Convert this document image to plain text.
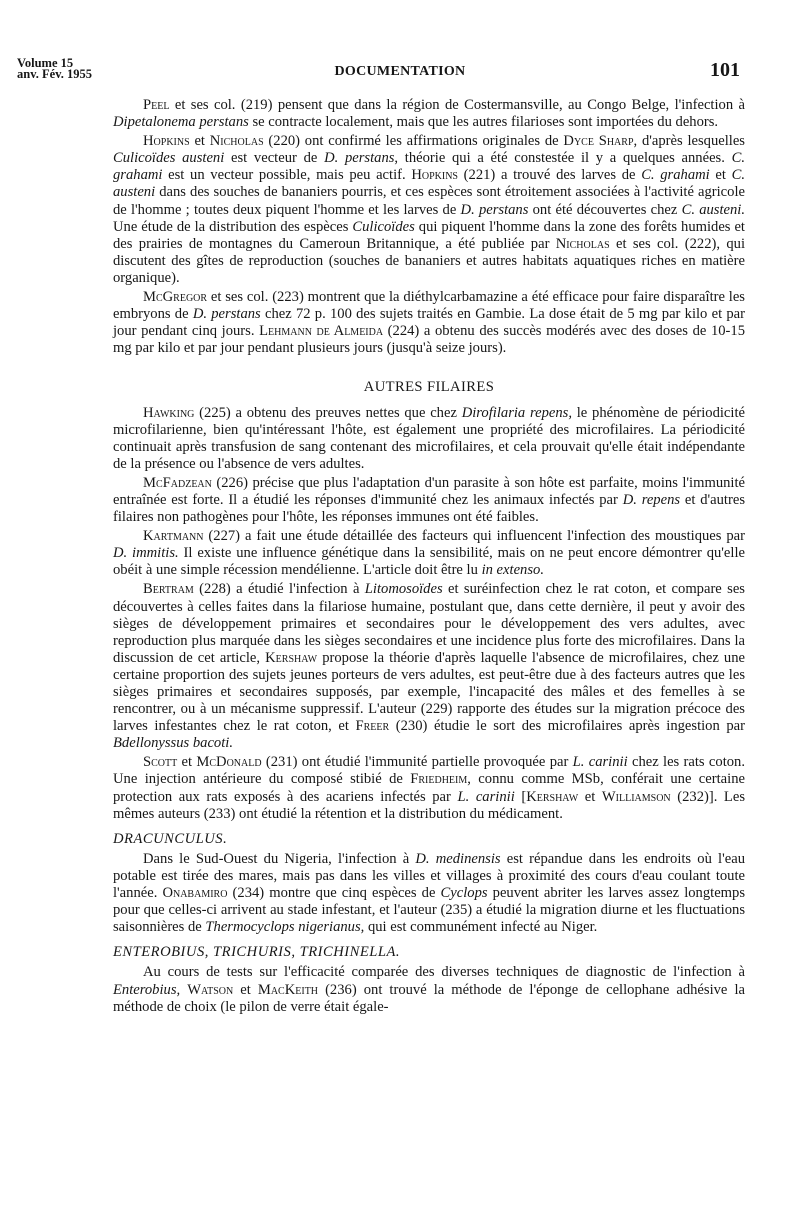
Volume 15
anv. Fév. 1955	DOCUMENTATION	101

Peel et ses col. (219) pensent que dans la région de Costermansville, au Congo Belge, l'infection à Dipetalonema perstans se contracte localement, mais que les autres filarioses sont importées du dehors.

Hopkins et Nicholas (220) ont confirmé les affirmations originales de Dyce Sharp, d'après lesquelles Culicoïdes austeni est vecteur de D. perstans, théorie qui a été constestée il y a quelques années. C. grahami est un vecteur possible, mais peu actif. Hopkins (221) a trouvé des larves de C. grahami et C. austeni dans des souches de bananiers pourris, et ces espèces sont étroitement associées à l'activité agricole de l'homme ; toutes deux piquent l'homme et les larves de D. perstans ont été découvertes chez C. austeni. Une étude de la distribution des espèces Culicoïdes qui piquent l'homme dans la zone des forêts humides et des prairies de montagnes du Cameroun Britannique, a été publiée par Nicholas et ses col. (222), qui discutent des gîtes de reproduction (souches de bananiers et autres habitats aquatiques riches en matière organique).

McGregor et ses col. (223) montrent que la diéthylcarbamazine a été efficace pour faire disparaître les embryons de D. perstans chez 72 p. 100 des sujets traités en Gambie. La dose était de 5 mg par kilo et par jour pendant cinq jours. Lehmann de Almeida (224) a obtenu des succès modérés avec des doses de 10-15 mg par kilo et par jour pendant plusieurs jours (jusqu'à seize jours).

AUTRES FILAIRES

Hawking (225) a obtenu des preuves nettes que chez Dirofilaria repens, le phénomène de périodicité microfilarienne, bien qu'intéressant l'hôte, est également une propriété des microfilaires. La périodicité continuait après transfusion de sang contenant des microfilaires, et cela prouvait qu'elle était indépendante de la présence ou l'absence de vers adultes.

McFadzean (226) précise que plus l'adaptation d'un parasite à son hôte est parfaite, moins l'immunité entraînée est forte. Il a étudié les réponses d'immunité chez les animaux infectés par D. repens et d'autres filaires non pathogènes pour l'hôte, les réponses immunes ont été faibles.

Kartmann (227) a fait une étude détaillée des facteurs qui influencent l'infection des moustiques par D. immitis. Il existe une influence génétique dans la sensibilité, mais on ne peut encore démontrer qu'elle obéit à une simple récession mendélienne. L'article doit être lu in extenso.

Bertram (228) a étudié l'infection à Litomosoïdes et suréinfection chez le rat coton, et compare ses découvertes à celles faites dans la filariose humaine, postulant que, dans cette dernière, il peut y avoir des sièges de développement primaires et secondaires pour le développement des vers adultes, avec reproduction plus marquée dans les sièges secondaires et une incidence plus forte des microfilaires. Dans la discussion de cet article, Kershaw propose la théorie d'après laquelle l'absence de microfilaires, chez une certaine proportion des sujets jeunes porteurs de vers adultes, est peut-être due à des facteurs autres que les sièges primaires et secondaires supposés, par exemple, l'incapacité des mâles et des femelles à se rencontrer, ou à un mécanisme suppressif. L'auteur (229) rapporte des études sur la migration précoce des larves infestantes chez le rat coton, et Freer (230) étudie le sort des microfilaires après ingestion par Bdellonyssus bacoti.

Scott et McDonald (231) ont étudié l'immunité partielle provoquée par L. carinii chez les rats coton. Une injection antérieure du composé stibié de Friedheim, connu comme MSb, conférait une certaine protection aux rats exposés à des acariens infectés par L. carinii [Kershaw et Williamson (232)]. Les mêmes auteurs (233) ont étudié la rétention et la distribution du médicament.

DRACUNCULUS.

Dans le Sud-Ouest du Nigeria, l'infection à D. medinensis est répandue dans les endroits où l'eau potable est tirée des mares, mais pas dans les villes et villages à proximité des cours d'eau coulant toute l'année. Onabamiro (234) montre que cinq espèces de Cyclops peuvent abriter les larves assez longtemps pour que celles-ci arrivent au stade infestant, et l'auteur (235) a étudié la migration diurne et les fluctuations saisonnières de Thermocyclops nigerianus, qui est communément infecté au Niger.

ENTEROBIUS, TRICHURIS, TRICHINELLA.

Au cours de tests sur l'efficacité comparée des diverses techniques de diagnostic de l'infection à Enterobius, Watson et MacKeith (236) ont trouvé la méthode de l'éponge de cellophane adhésive la méthode de choix (le pilon de verre était égale-
